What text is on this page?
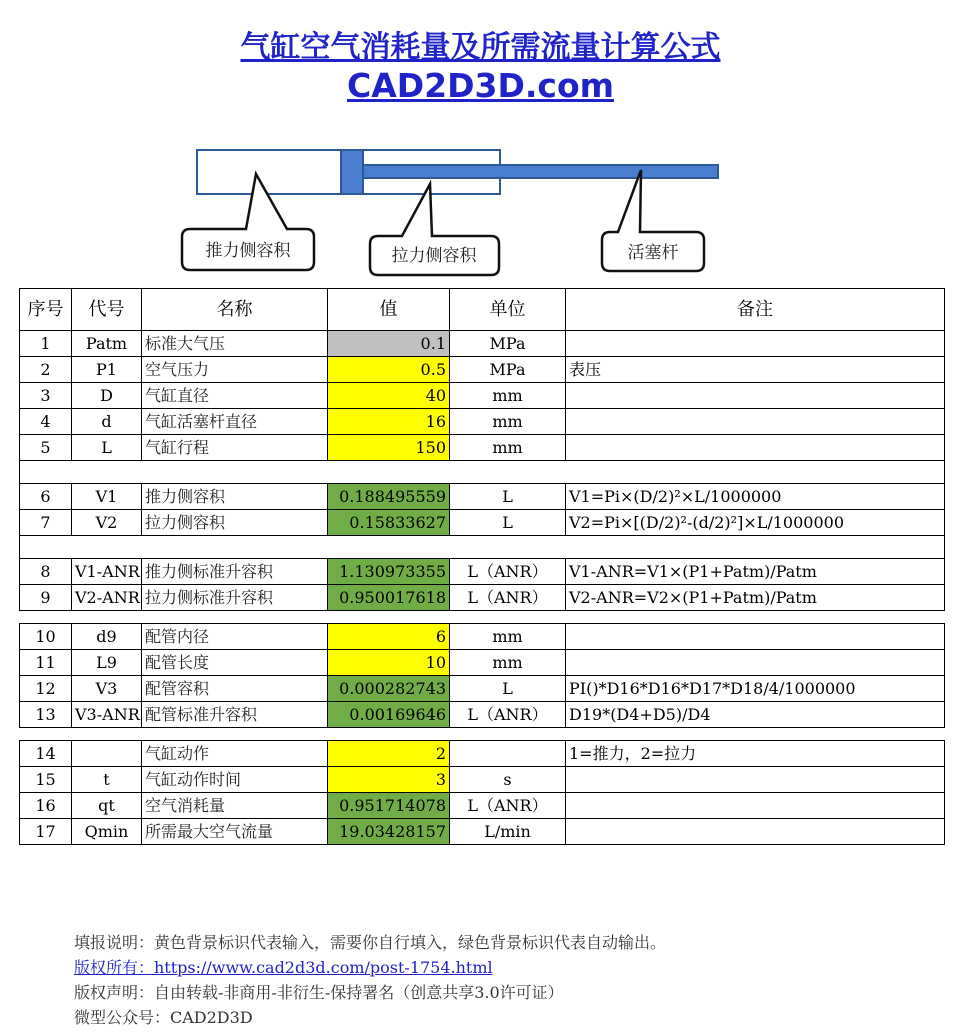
气缸空气消耗量及所需流量计算公式
CAD2D3D.com
推力侧容积	拉力侧容积	活塞杆
序号	代号	名称	值	单位	备注
1	Patm	标准大气压	0.1	MPa	
2	P1	空气压力	0.5	MPa	表压
3	D	气缸直径	40	mm	
4	d	气缸活塞杆直径	16	mm	
5	L	气缸行程	150	mm	

6	V1	推力侧容积	0.188495559	L	V1=Pi×(D/2)²×L/1000000
7	V2	拉力侧容积	0.15833627	L	V2=Pi×[(D/2)²-(d/2)²]×L/1000000

8	V1-ANR	推力侧标准升容积	1.130973355	L（ANR）	V1-ANR=V1×(P1+Patm)/Patm
9	V2-ANR	拉力侧标准升容积	0.950017618	L（ANR）	V2-ANR=V2×(P1+Patm)/Patm

10	d9	配管内径	6	mm	
11	L9	配管长度	10	mm	
12	V3	配管容积	0.000282743	L	PI()*D16*D16*D17*D18/4/1000000
13	V3-ANR	配管标准升容积	0.00169646	L（ANR）	D19*(D4+D5)/D4

14		气缸动作	2		1=推力，2=拉力
15	t	气缸动作时间	3	s	
16	qt	空气消耗量	0.951714078	L（ANR）	
17	Qmin	所需最大空气流量	19.03428157	L/min	
填报说明：黄色背景标识代表输入，需要你自行填入，绿色背景标识代表自动输出。
版权所有：https://www.cad2d3d.com/post-1754.html
版权声明：自由转载-非商用-非衍生-保持署名（创意共享3.0许可证）
微型公众号：CAD2D3D
